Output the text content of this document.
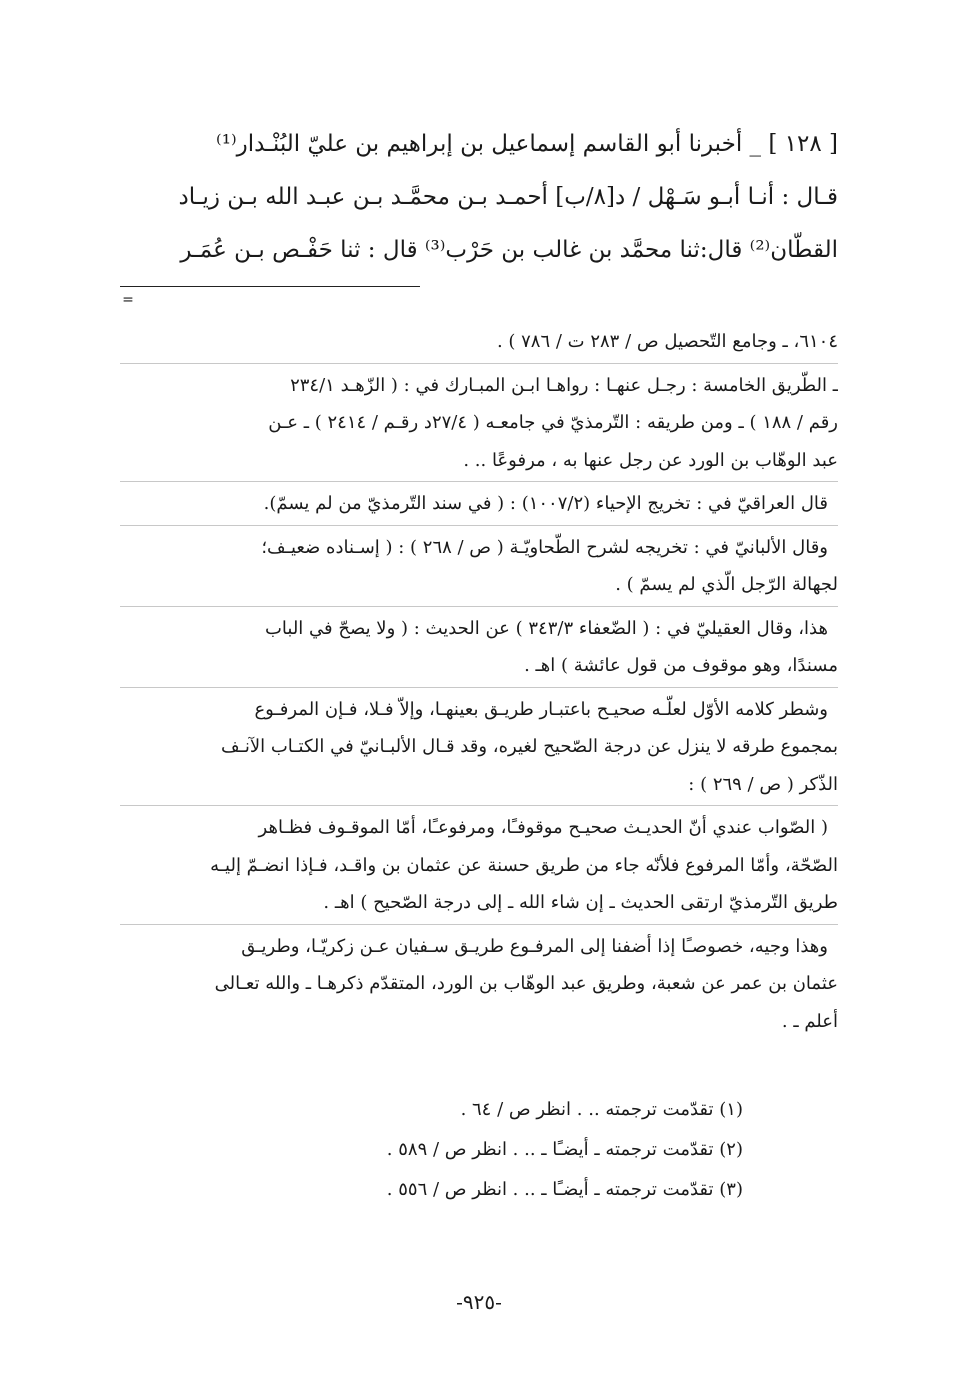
[ ١٢٨ ] _ أخبرنا أبو القاسم إسماعيل بن إبراهيم بن عليّ البُنْـدار⁽¹⁾
قـال : أنـا أبـو سَـهْل / د[٨/ب] أحمـد بـن محمَّـد بـن عبـد الله بـن زيـاد
القطّان⁽²⁾ قال:ثنا محمَّد بن غالب بن حَرْب⁽³⁾ قال : ثنا حَفْـص بـن عُمَـر
=

٦١٠٤، ـ وجامع التّحصيل ص / ٢٨٣ ت / ٧٨٦ ) .

ـ الطّريق الخامسة : رجـل عنهـا : رواهـا ابـن المبـارك في : ( الزّهـد ٢٣٤/١
رقم / ١٨٨ ) ـ ومن طريقه : التّرمذيّ في جامعـه ( ٢٧/٤د رقـم / ٢٤١٤ ) ـ عـن
عبد الوهّاب بن الورد عن رجل عنها به ، مرفوعًا .. .

قال العراقيّ في : تخريج الإحياء (١٠٠٧/٢) : ( في سند التّرمذيّ من لم يسمّ).

وقال الألبانيّ في : تخريجه لشرح الطّحاويّـة ( ص / ٢٦٨ ) : ( إسـناده ضعيـف؛
لجهالة الرّجل الّذي لم يسمّ ) .

هذا، وقال العقيليّ في : ( الضّعفاء ٣٤٣/٣ ) عن الحديث : ( ولا يصحّ في الباب
مسندًا، وهو موقوف من قول عائشة ) اهـ .

وشطر كلامه الأوّل لعلّـه صحيـح باعتبـار طريـق بعينهـا، وإلاّ فـلا، فـإن المرفـوع
بمجموع طرقه لا ينزل عن درجة الصّحيح لغيره، وقد قـال الألبـانيّ في الكتـاب الآنـف
الذّكر ( ص / ٢٦٩ ) :

( الصّواب عندي أنّ الحديـث صحيـح موقوفـًا، ومرفوعـًا، أمّا الموقـوف فظـاهر
الصّحّة، وأمّا المرفوع فلأنّه جاء من طريق حسنة عن عثمان بن واقـد، فـإذا انضـمّ إليـه
طريق التّرمذيّ ارتقى الحديث ـ إن شاء الله ـ إلى درجة الصّحيح ) اهـ .

وهذا وجيه، خصوصـًا إذا أضفنا إلى المرفـوع طريـق سـفيان عـن زكريّـا، وطريـق
عثمان بن عمر عن شعبة، وطريق عبد الوهّاب بن الورد، المتقدّم ذكرهـا ـ والله تعـالى
أعلم ـ .

(١) تقدّمت ترجمته .. . انظر ص / ٦٤ .
(٢) تقدّمت ترجمته ـ أيضـًا ـ .. . انظر ص / ٥٨٩ .
(٣) تقدّمت ترجمته ـ أيضـًا ـ .. . انظر ص / ٥٥٦ .
-٩٢٥-
